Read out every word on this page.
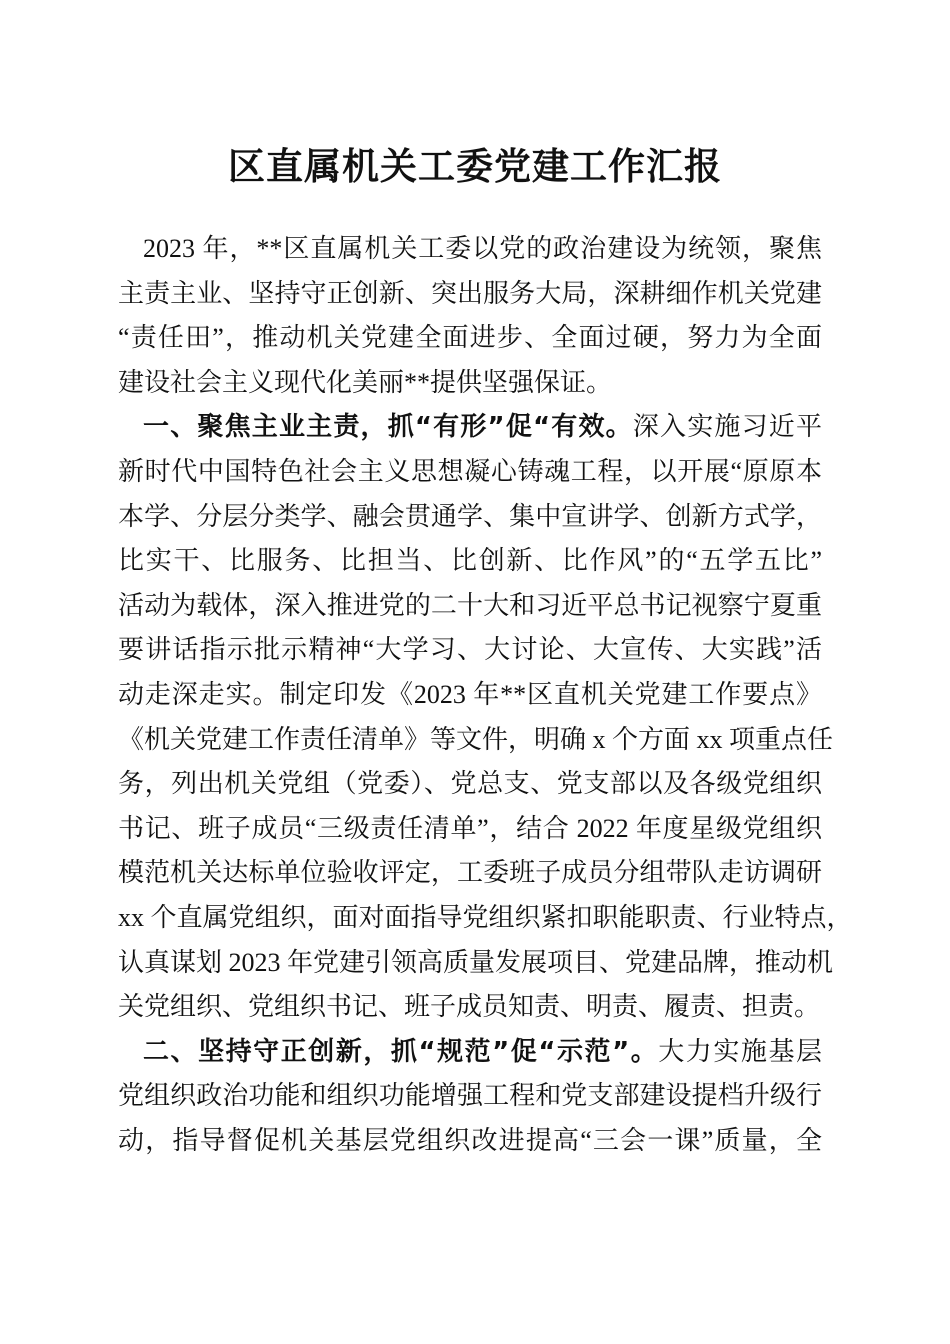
区直属机关工委党建工作汇报
2023 年，**区直属机关工委以党的政治建设为统领，聚焦
主责主业、坚持守正创新、突出服务大局，深耕细作机关党建
“责任田”，推动机关党建全面进步、全面过硬，努力为全面
建设社会主义现代化美丽**提供坚强保证。
一、聚焦主业主责，抓“有形”促“有效。深入实施习近平
新时代中国特色社会主义思想凝心铸魂工程，以开展“原原本
本学、分层分类学、融会贯通学、集中宣讲学、创新方式学，
比实干、比服务、比担当、比创新、比作风”的“五学五比”
活动为载体，深入推进党的二十大和习近平总书记视察宁夏重
要讲话指示批示精神“大学习、大讨论、大宣传、大实践”活
动走深走实。制定印发《2023 年**区直机关党建工作要点》
《机关党建工作责任清单》等文件，明确 x 个方面 xx 项重点任
务，列出机关党组（党委）、党总支、党支部以及各级党组织
书记、班子成员“三级责任清单”，结合 2022 年度星级党组织
模范机关达标单位验收评定，工委班子成员分组带队走访调研
xx 个直属党组织，面对面指导党组织紧扣职能职责、行业特点，
认真谋划 2023 年党建引领高质量发展项目、党建品牌，推动机
关党组织、党组织书记、班子成员知责、明责、履责、担责。
二、坚持守正创新，抓“规范”促“示范”。大力实施基层
党组织政治功能和组织功能增强工程和党支部建设提档升级行
动，指导督促机关基层党组织改进提高“三会一课”质量，全
